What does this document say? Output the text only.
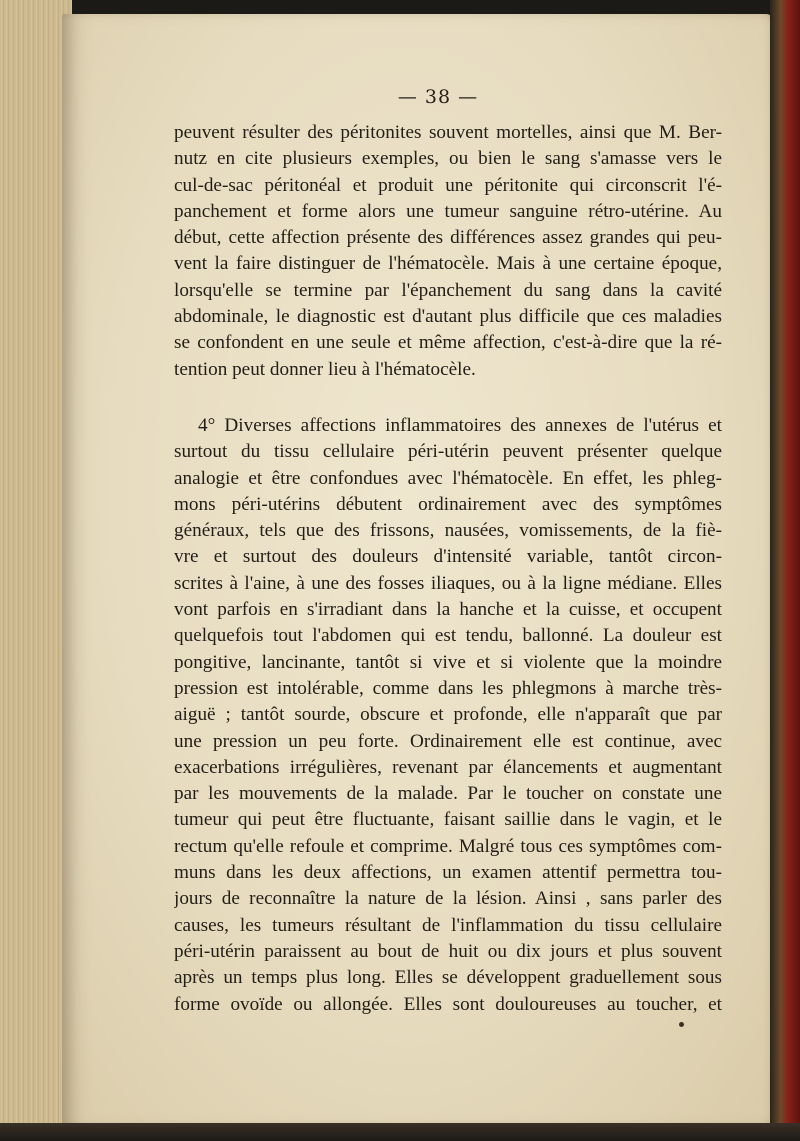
— 38 —
peuvent résulter des péritonites souvent mortelles, ainsi que M. Ber-
nutz en cite plusieurs exemples, ou bien le sang s'amasse vers le
cul-de-sac péritonéal et produit une péritonite qui circonscrit l'é-
panchement et forme alors une tumeur sanguine rétro-utérine. Au
début, cette affection présente des différences assez grandes qui peu-
vent la faire distinguer de l'hématocèle. Mais à une certaine époque,
lorsqu'elle se termine par l'épanchement du sang dans la cavité
abdominale, le diagnostic est d'autant plus difficile que ces maladies
se confondent en une seule et même affection, c'est-à-dire que la ré-
tention peut donner lieu à l'hématocèle.
4° Diverses affections inflammatoires des annexes de l'utérus et
surtout du tissu cellulaire péri-utérin peuvent présenter quelque
analogie et être confondues avec l'hématocèle. En effet, les phleg-
mons péri-utérins débutent ordinairement avec des symptômes
généraux, tels que des frissons, nausées, vomissements, de la fiè-
vre et surtout des douleurs d'intensité variable, tantôt circon-
scrites à l'aine, à une des fosses iliaques, ou à la ligne médiane. Elles
vont parfois en s'irradiant dans la hanche et la cuisse, et occupent
quelquefois tout l'abdomen qui est tendu, ballonné. La douleur est
pongitive, lancinante, tantôt si vive et si violente que la moindre
pression est intolérable, comme dans les phlegmons à marche très-
aiguë ; tantôt sourde, obscure et profonde, elle n'apparaît que par
une pression un peu forte. Ordinairement elle est continue, avec
exacerbations irrégulières, revenant par élancements et augmentant
par les mouvements de la malade. Par le toucher on constate une
tumeur qui peut être fluctuante, faisant saillie dans le vagin, et le
rectum qu'elle refoule et comprime. Malgré tous ces symptômes com-
muns dans les deux affections, un examen attentif permettra tou-
jours de reconnaître la nature de la lésion. Ainsi , sans parler des
causes, les tumeurs résultant de l'inflammation du tissu cellulaire
péri-utérin paraissent au bout de huit ou dix jours et plus souvent
après un temps plus long. Elles se développent graduellement sous
forme ovoïde ou allongée. Elles sont douloureuses au toucher, et
